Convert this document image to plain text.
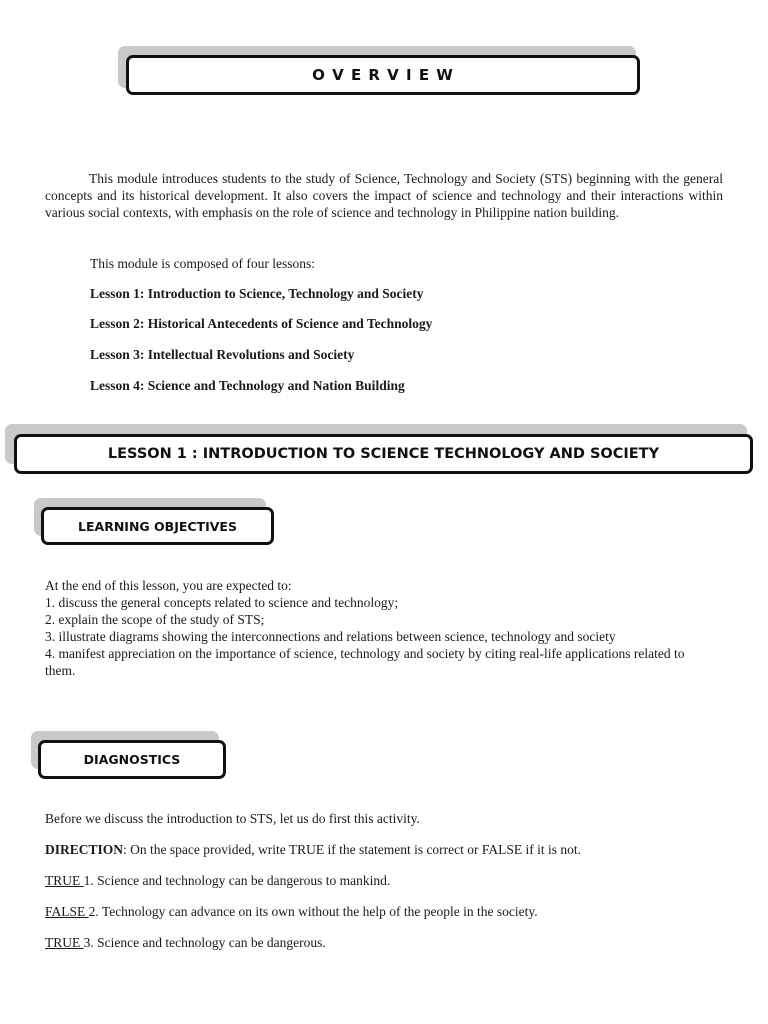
O V E R V I E W
This module introduces students to the study of Science, Technology and Society (STS) beginning with the general concepts and its historical development. It also covers the impact of science and technology and their interactions within various social contexts, with emphasis on the role of science and technology in Philippine nation building.
This module is composed of four lessons:
Lesson 1: Introduction to Science, Technology and Society
Lesson 2: Historical Antecedents of Science and Technology
Lesson 3: Intellectual Revolutions and Society
Lesson 4: Science and Technology and Nation Building
LESSON 1 : INTRODUCTION TO SCIENCE TECHNOLOGY AND SOCIETY
LEARNING OBJECTIVES
At the end of this lesson, you are expected to:
1. discuss the general concepts related to science and technology;
2. explain the scope of the study of STS;
3. illustrate diagrams showing the interconnections and relations between science, technology and society
4. manifest appreciation on the importance of science, technology and society by citing real-life applications related to them.
DIAGNOSTICS
Before we discuss the introduction to STS, let us do first this activity.
DIRECTION: On the space provided, write TRUE if the statement is correct or FALSE if it is not.
TRUE 1. Science and technology can be dangerous to mankind.
FALSE 2. Technology can advance on its own without the help of the people in the society.
TRUE 3. Science and technology can be dangerous.
